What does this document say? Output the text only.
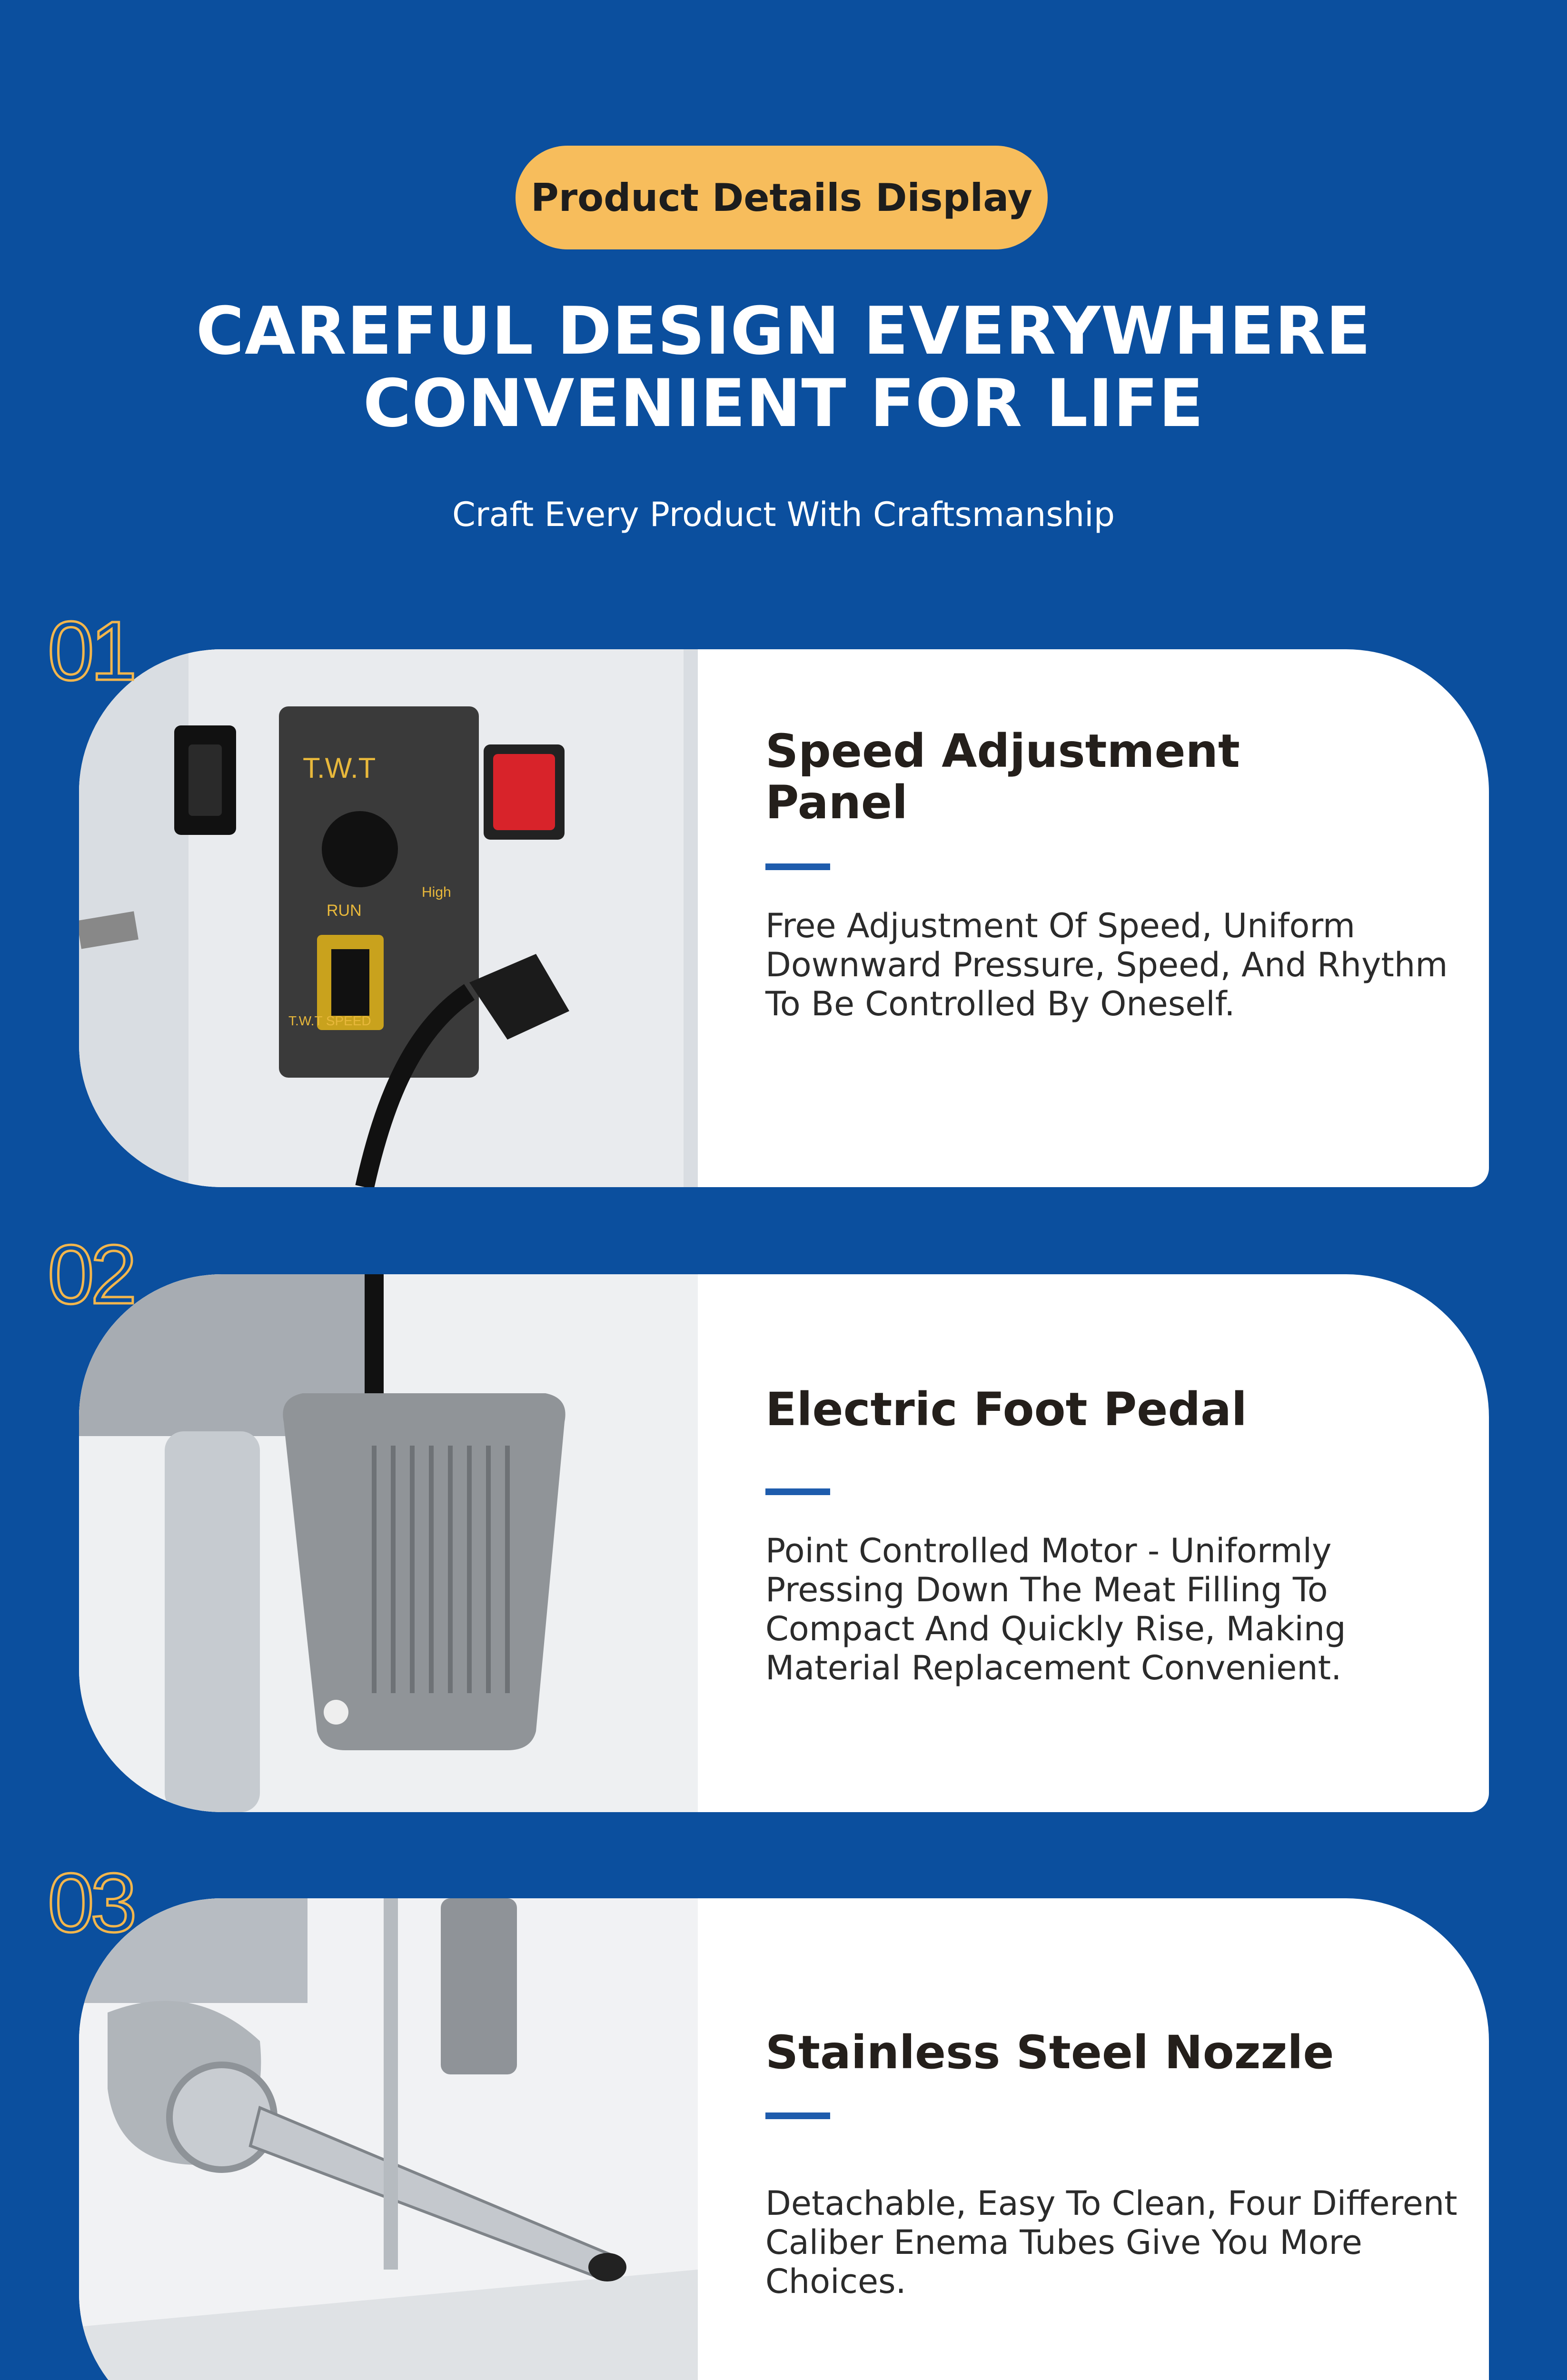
Product Details Display
CAREFUL DESIGN EVERYWHERE
CONVENIENT FOR LIFE
Craft Every Product With Craftsmanship
T.W.T
RUN
High
T.W.T SPEED
Speed Adjustment
Panel
Free Adjustment Of Speed, Uniform Downward Pressure, Speed, And Rhythm To Be Controlled By Oneself.
01
Electric Foot Pedal
Point Controlled Motor - Uniformly Pressing Down The Meat Filling To Compact And Quickly Rise, Making Material Replacement Convenient.
02
Stainless Steel Nozzle
Detachable, Easy To Clean, Four Different Caliber Enema Tubes Give You More Choices.
03
